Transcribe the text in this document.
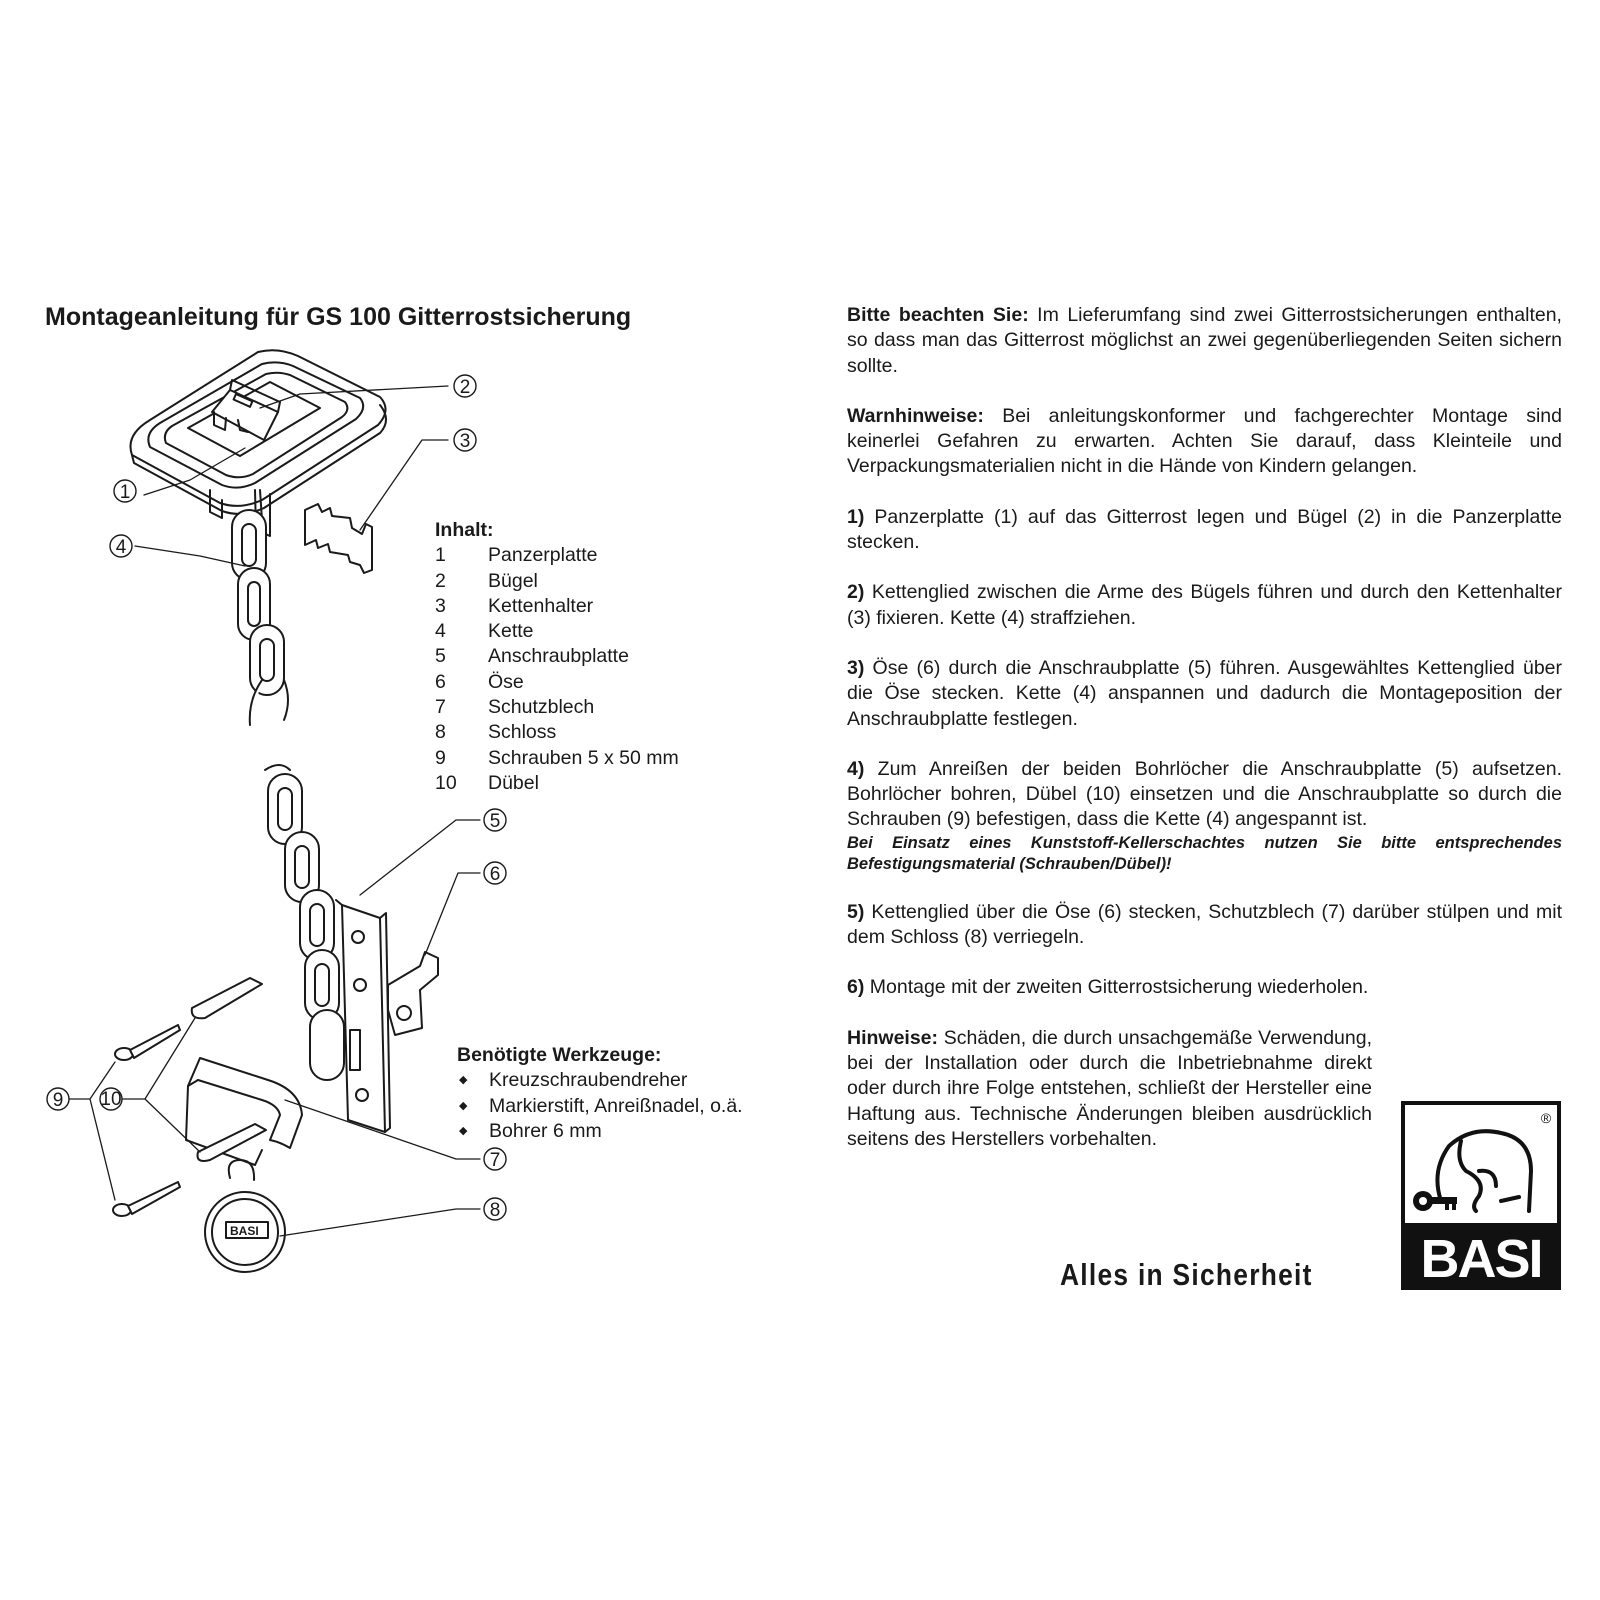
Montageanleitung für GS 100 Gitterrostsicherung
BASI
1
2
3
4
5
6
7
8
9 10
Inhalt:
1	Panzerplatte
2	Bügel
3	Kettenhalter
4	Kette
5	Anschraubplatte
6	Öse
7	Schutzblech
8	Schloss
9	Schrauben 5 x 50 mm
10	Dübel
Benötigte Werkzeuge:
◆	Kreuzschraubendreher
◆	Markierstift, Anreißnadel, o.ä.
◆	Bohrer 6 mm

Bitte beachten Sie: Im Lieferumfang sind zwei Gitterrostsicherungen enthalten, so dass man das Gitterrost möglichst an zwei gegenüberliegenden Seiten sichern sollte.

Warnhinweise: Bei anleitungskonformer und fachgerechter Montage sind keinerlei Gefahren zu erwarten. Achten Sie darauf, dass Kleinteile und Verpackungsmaterialien nicht in die Hände von Kindern gelangen.

1) Panzerplatte (1) auf das Gitterrost legen und Bügel (2) in die Panzerplatte stecken.

2) Kettenglied zwischen die Arme des Bügels führen und durch den Kettenhalter (3) fixieren. Kette (4) straffziehen.

3) Öse (6) durch die Anschraubplatte (5) führen. Ausgewähltes Kettenglied über die Öse stecken. Kette (4) anspannen und dadurch die Montageposition der Anschraubplatte festlegen.

4) Zum Anreißen der beiden Bohrlöcher die Anschraubplatte (5) aufsetzen. Bohrlöcher bohren, Dübel (10) einsetzen und die Anschraubplatte so durch die Schrauben (9) befestigen, dass die Kette (4) angespannt ist.

Bei Einsatz eines Kunststoff-Kellerschachtes nutzen Sie bitte entsprechendes Befestigungsmaterial (Schrauben/Dübel)!

5) Kettenglied über die Öse (6) stecken, Schutzblech (7) darüber stülpen und mit dem Schloss (8) verriegeln.

6) Montage mit der zweiten Gitterrostsicherung wiederholen.

Hinweise: Schäden, die durch unsachgemäße Verwendung, bei der Installation oder durch die Inbetriebnahme direkt oder durch ihre Folge entstehen, schließt der Hersteller eine Haftung aus. Technische Änderungen bleiben ausdrücklich seitens des Herstellers vorbehalten.

Alles in Sicherheit BASI
®
